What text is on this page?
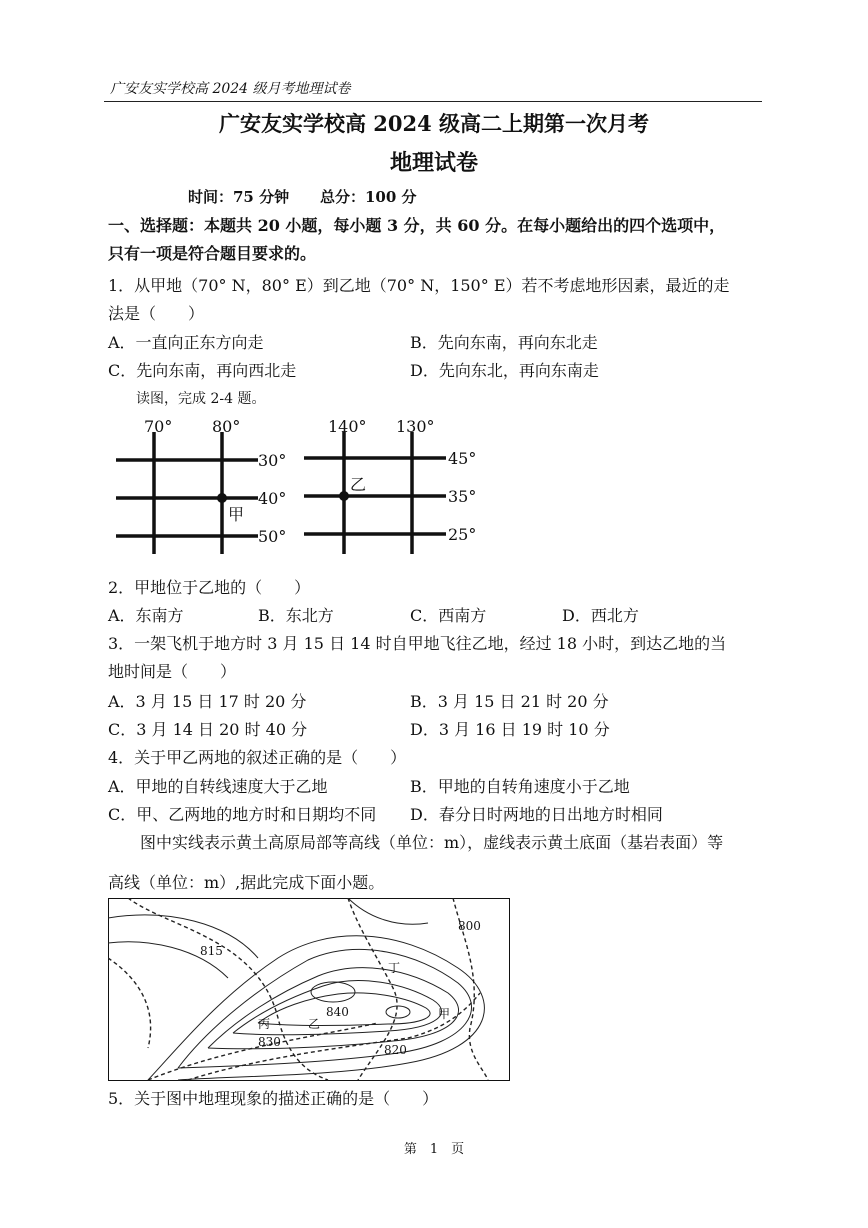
广安友实学校高 2024 级月考地理试卷
广安友实学校高 2024 级高二上期第一次月考
地理试卷
时间：75 分钟 总分：100 分
一、选择题：本题共 20 小题，每小题 3 分，共 60 分。在每小题给出的四个选项中，
只有一项是符合题目要求的。
1．从甲地（70° N，80° E）到乙地（70° N，150° E）若不考虑地形因素，最近的走
法是（　　）
A．一直向正东方向走	B．先向东南，再向东北走
C．先向东南，再向西北走	D．先向东北，再向东南走
读图，完成 2-4 题。
70° 80°
30°
40°
50°
甲
140° 130°
45°
35°
25°
乙
2．甲地位于乙地的（　　）
A．东南方	B．东北方	C．西南方	D．西北方
3．一架飞机于地方时 3 月 15 日 14 时自甲地飞往乙地，经过 18 小时，到达乙地的当
地时间是（　　）
A．3 月 15 日 17 时 20 分	B．3 月 15 日 21 时 20 分
C．3 月 14 日 20 时 40 分	D．3 月 16 日 19 时 10 分
4．关于甲乙两地的叙述正确的是（　　）
A．甲地的自转线速度大于乙地	B．甲地的自转角速度小于乙地
C．甲、乙两地的地方时和日期均不同 D．春分日时两地的日出地方时相同
图中实线表示黄土高原局部等高线（单位：m），虚线表示黄土底面（基岩表面）等
高线（单位：m）,据此完成下面小题。
815
800
840
830
820
丁
甲
丙	乙
5．关于图中地理现象的描述正确的是（　　）
第　1　页
